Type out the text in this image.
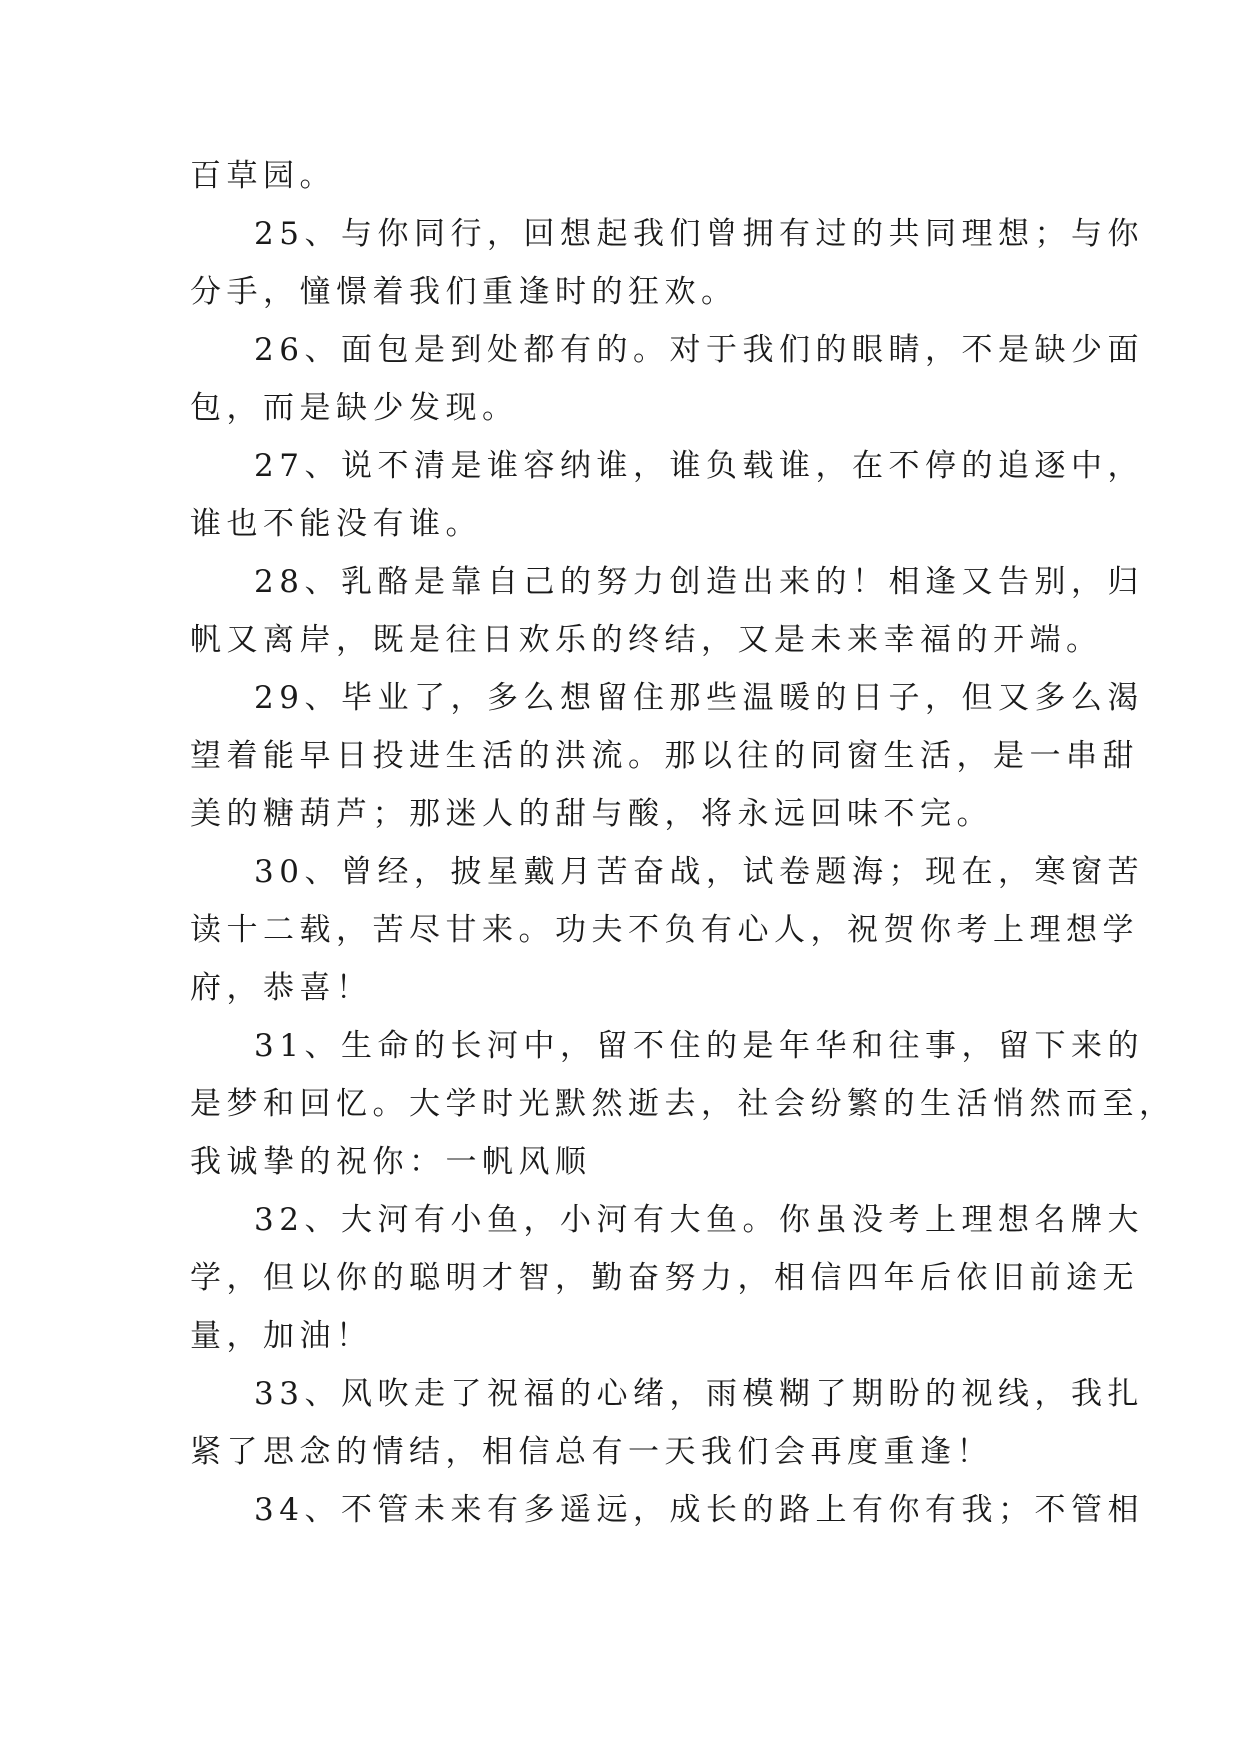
百草园。

25、与你同行，回想起我们曾拥有过的共同理想；与你
分手，憧憬着我们重逢时的狂欢。

26、面包是到处都有的。对于我们的眼睛，不是缺少面
包，而是缺少发现。

27、说不清是谁容纳谁，谁负载谁，在不停的追逐中，
谁也不能没有谁。

28、乳酪是靠自己的努力创造出来的！相逢又告别，归
帆又离岸，既是往日欢乐的终结，又是未来幸福的开端。

29、毕业了，多么想留住那些温暖的日子，但又多么渴
望着能早日投进生活的洪流。那以往的同窗生活，是一串甜
美的糖葫芦；那迷人的甜与酸，将永远回味不完。

30、曾经，披星戴月苦奋战，试卷题海；现在，寒窗苦
读十二载，苦尽甘来。功夫不负有心人，祝贺你考上理想学
府，恭喜！

31、生命的长河中，留不住的是年华和往事，留下来的
是梦和回忆。大学时光默然逝去，社会纷繁的生活悄然而至，
我诚挚的祝你：一帆风顺

32、大河有小鱼，小河有大鱼。你虽没考上理想名牌大
学，但以你的聪明才智，勤奋努力，相信四年后依旧前途无
量，加油！

33、风吹走了祝福的心绪，雨模糊了期盼的视线，我扎
紧了思念的情结，相信总有一天我们会再度重逢！

34、不管未来有多遥远，成长的路上有你有我；不管相
